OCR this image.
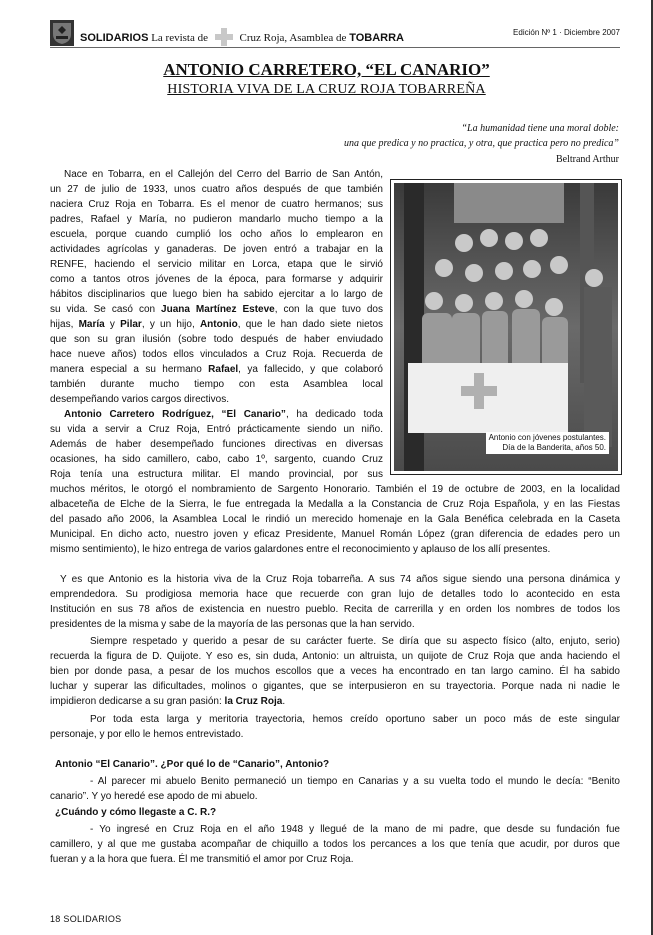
SOLIDARIOS La revista de	Cruz Roja, Asamblea de TOBARRA	Edición Nº 1 · Diciembre 2007
ANTONIO CARRETERO, “EL CANARIO”
HISTORIA VIVA DE LA CRUZ ROJA TOBARREÑA
“La humanidad tiene una moral doble:
una que predica y no practica, y otra, que practica pero no predica”
Beltrand Arthur
Antonio con jóvenes postulantes.
Día de la Banderita, años 50.
Nace en Tobarra, en el Callejón del Cerro del Barrio de San Antón,
un 27 de julio de 1933, unos cuatro años después de que también
naciera Cruz Roja en Tobarra. Es el menor de cuatro hermanos; sus
padres, Rafael y María, no pudieron mandarlo mucho tiempo a la
escuela, porque cuando cumplió los ocho años lo emplearon en
actividades agrícolas y ganaderas. De joven entró a trabajar en la
RENFE, haciendo el servicio militar en Lorca, etapa que le sirvió
como a tantos otros jóvenes de la época, para formarse y adquirir
hábitos disciplinarios que luego bien ha sabido ejercitar a lo largo de
su vida. Se casó con Juana Martínez Esteve, con la que tuvo dos
hijas, María y Pilar, y un hijo, Antonio, que le han dado siete nietos
que son su gran ilusión (sobre todo después de haber enviudado
hace nueve años) todos ellos vinculados a Cruz Roja. Recuerda de
manera especial a su hermano Rafael, ya fallecido, y que colaboró
también durante mucho tiempo con esta Asamblea local
desempeñando varios cargos directivos.
Antonio Carretero Rodríguez, “El Canario”, ha dedicado toda
su vida a servir a Cruz Roja, Entró prácticamente siendo un niño.
Además de haber desempeñado funciones directivas en diversas
ocasiones, ha sido camillero, cabo, cabo 1º, sargento, cuando Cruz
Roja tenía una estructura militar. El mando provincial, por sus
muchos méritos, le otorgó el nombramiento de Sargento Honorario. También el 19 de octubre de 2003, en la localidad
albaceteña de Elche de la Sierra, le fue entregada la Medalla a la Constancia de Cruz Roja Española, y en las Fiestas
del pasado año 2006, la Asamblea Local le rindió un merecido homenaje en la Gala Benéfica celebrada en la Caseta
Municipal. En dicho acto, nuestro joven y eficaz Presidente, Manuel Román López (gran diferencia de edades pero un
mismo sentimiento), le hizo entrega de varios galardones entre el reconocimiento y aplauso de los allí presentes.
Y es que Antonio es la historia viva de la Cruz Roja tobarreña. A sus 74 años sigue siendo una persona dinámica y
emprendedora. Su prodigiosa memoria hace que recuerde con gran lujo de detalles todo lo acontecido en esta
Institución en sus 78 años de existencia en nuestro pueblo. Recita de carrerilla y en orden los nombres de todos los
presidentes de la misma y sabe de la mayoría de las personas que la han servido.
Siempre respetado y querido a pesar de su carácter fuerte. Se diría que su aspecto físico (alto, enjuto, serio)
recuerda la figura de D. Quijote. Y eso es, sin duda, Antonio: un altruista, un quijote de Cruz Roja que anda haciendo el
bien por donde pasa, a pesar de los muchos escollos que a veces ha encontrado en tan largo camino. Él ha sabido
luchar y superar las dificultades, molinos o gigantes, que se interpusieron en su trayectoria. Porque nada ni nadie le
impidieron dedicarse a su gran pasión: la Cruz Roja.
Por toda esta larga y meritoria trayectoria, hemos creído oportuno saber un poco más de este singular
personaje, y por ello le hemos entrevistado.
Antonio “El Canario”. ¿Por qué lo de “Canario”, Antonio?
- Al parecer mi abuelo Benito permaneció un tiempo en Canarias y a su vuelta todo el mundo le decía: “Benito
canario”. Y yo heredé ese apodo de mi abuelo.
¿Cuándo y cómo llegaste a C. R.?
- Yo ingresé en Cruz Roja en el año 1948 y llegué de la mano de mi padre, que desde su fundación fue
camillero, y al que me gustaba acompañar de chiquillo a todos los percances a los que tenía que acudir, por duros que
fueran y a la hora que fuera. Él me transmitió el amor por Cruz Roja.
18 SOLIDARIOS
